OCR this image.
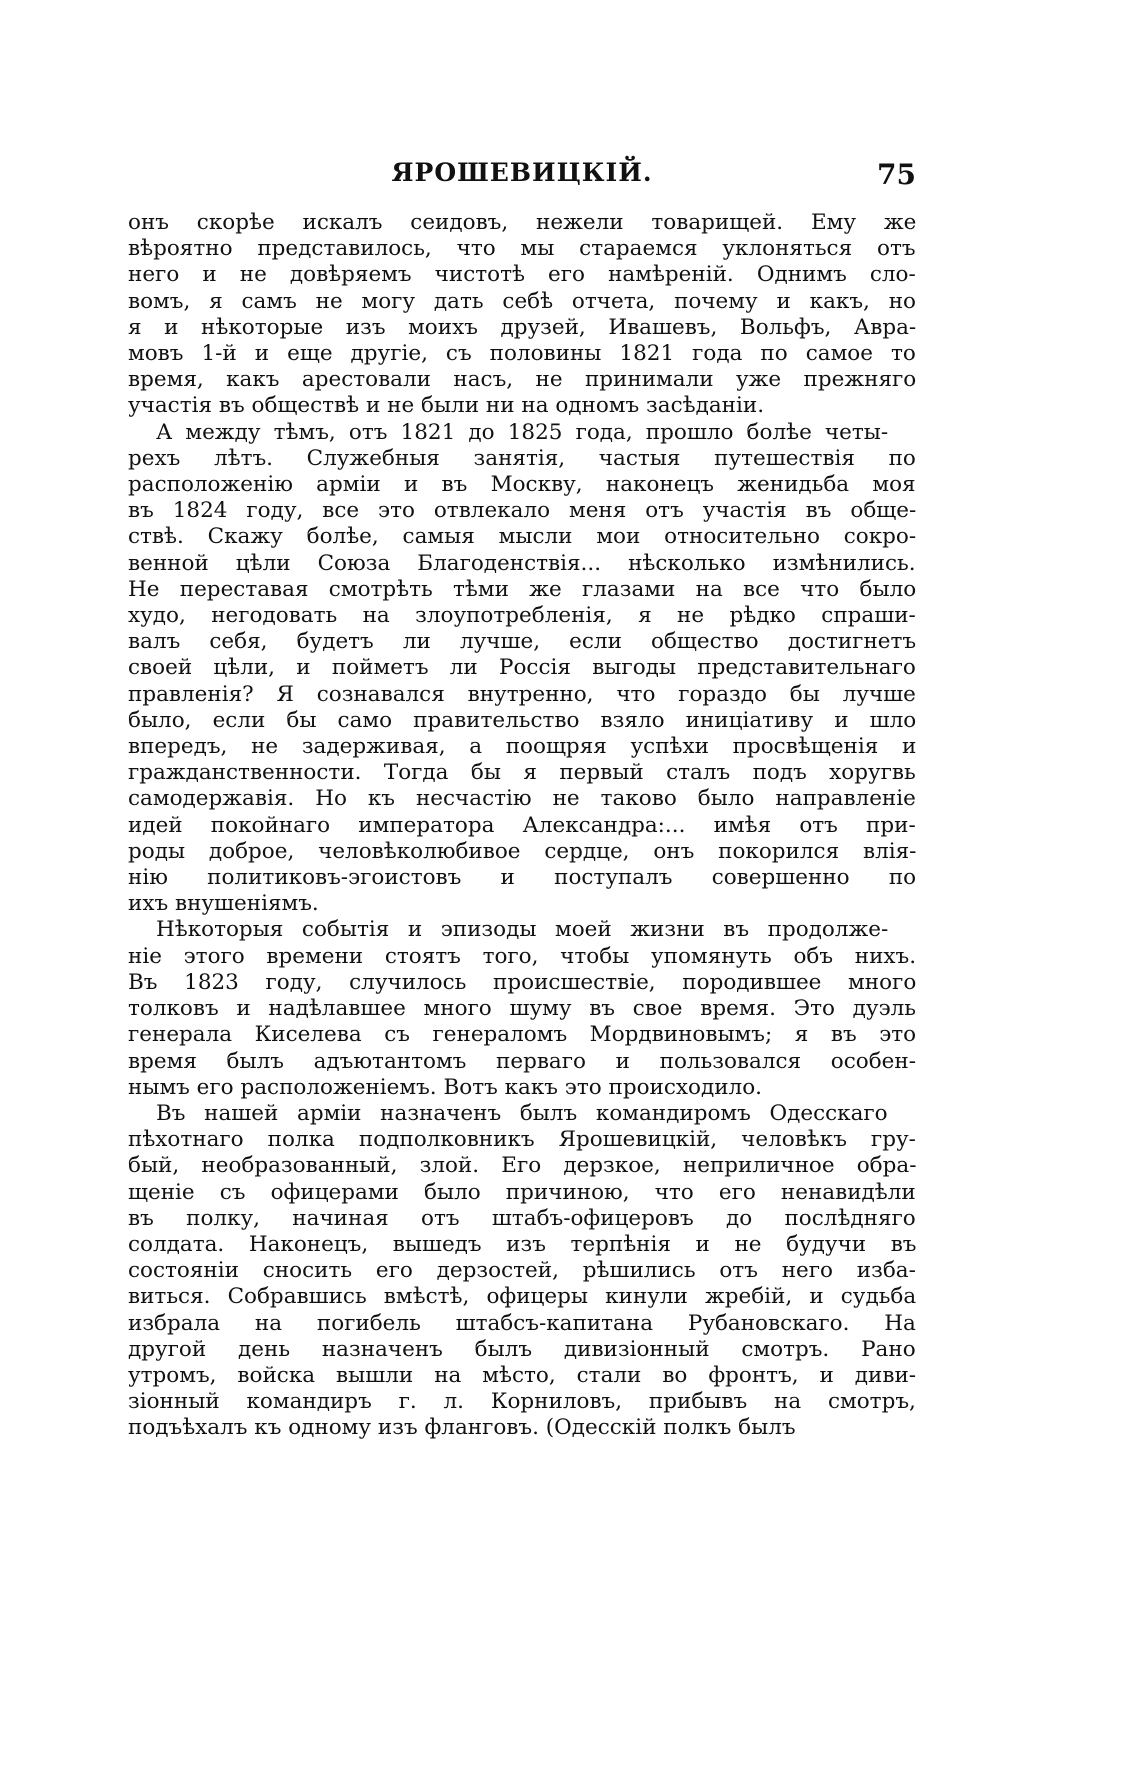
ЯРОШЕВИЦКІЙ.	75

онъ скорѣе искалъ сеидовъ, нежели товарищей. Ему же
вѣроятно представилось, что мы стараемся уклоняться отъ
него и не довѣряемъ чистотѣ его намѣреній. Однимъ сло-
вомъ, я самъ не могу дать себѣ отчета, почему и какъ, но
я и нѣкоторые изъ моихъ друзей, Ивашевъ, Вольфъ, Авра-
мовъ 1-й и еще другіе, съ половины 1821 года по самое то
время, какъ арестовали насъ, не принимали уже прежняго
участія въ обществѣ и не были ни на одномъ засѣданіи.

А между тѣмъ, отъ 1821 до 1825 года, прошло болѣе четы-
рехъ лѣтъ. Служебныя занятія, частыя путешествія по
расположенію арміи и въ Москву, наконецъ женидьба моя
въ 1824 году, все это отвлекало меня отъ участія въ обще-
ствѣ. Скажу болѣе, самыя мысли мои относительно сокро-
венной цѣли Союза Благоденствія... нѣсколько измѣнились.
Не переставая смотрѣть тѣми же глазами на все что было
худо, негодовать на злоупотребленія, я не рѣдко спраши-
валъ себя, будетъ ли лучше, если общество достигнетъ
своей цѣли, и пойметъ ли Россія выгоды представительнаго
правленія? Я сознавался внутренно, что гораздо бы лучше
было, если бы само правительство взяло иниціативу и шло
впередъ, не задерживая, а поощряя успѣхи просвѣщенія и
гражданственности. Тогда бы я первый сталъ подъ хоругвь
самодержавія. Но къ несчастію не таково было направленіе
идей покойнаго императора Александра:... имѣя отъ при-
роды доброе, человѣколюбивое сердце, онъ покорился влія-
нію политиковъ-эгоистовъ и поступалъ совершенно по
ихъ внушеніямъ.

Нѣкоторыя событія и эпизоды моей жизни въ продолже-
ніе этого времени стоятъ того, чтобы упомянуть объ нихъ.
Въ 1823 году, случилось происшествіе, породившее много
толковъ и надѣлавшее много шуму въ свое время. Это дуэль
генерала Киселева съ генераломъ Мордвиновымъ; я въ это
время былъ адъютантомъ перваго и пользовался особен-
нымъ его расположеніемъ. Вотъ какъ это происходило.

Въ нашей арміи назначенъ былъ командиромъ Одесскаго
пѣхотнаго полка подполковникъ Ярошевицкій, человѣкъ гру-
бый, необразованный, злой. Его дерзкое, неприличное обра-
щеніе съ офицерами было причиною, что его ненавидѣли
въ полку, начиная отъ штабъ-офицеровъ до послѣдняго
солдата. Наконецъ, вышедъ изъ терпѣнія и не будучи въ
состояніи сносить его дерзостей, рѣшились отъ него избa-
виться. Собравшись вмѣстѣ, офицеры кинули жребій, и судьба
избрала на погибель штабсъ-капитана Рубановскаго. На
другой день назначенъ былъ дивизіонный смотръ. Рано
утромъ, войска вышли на мѣсто, стали во фронтъ, и диви-
зіонный командиръ г. л. Корниловъ, прибывъ на смотръ,
подъѣхалъ къ одному изъ фланговъ. (Одесскій полкъ былъ
